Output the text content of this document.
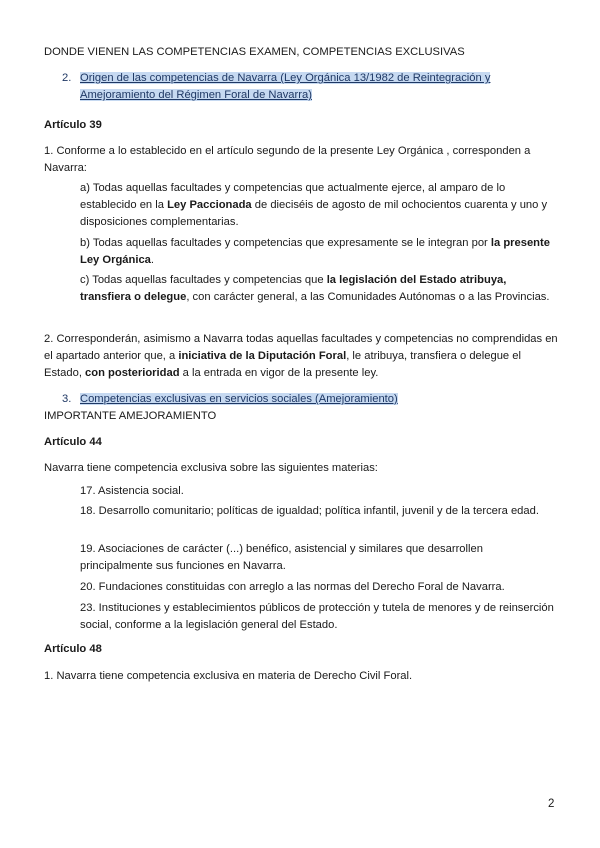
DONDE VIENEN LAS COMPETENCIAS EXAMEN, COMPETENCIAS EXCLUSIVAS

2. Origen de las competencias de Navarra (Ley Orgánica 13/1982 de Reintegración y Amejoramiento del Régimen Foral de Navarra)

Artículo 39

1. Conforme a lo establecido en el artículo segundo de la presente Ley Orgánica , corresponden a Navarra:

a) Todas aquellas facultades y competencias que actualmente ejerce, al amparo de lo establecido en la Ley Paccionada de dieciséis de agosto de mil ochocientos cuarenta y uno y disposiciones complementarias.

b) Todas aquellas facultades y competencias que expresamente se le integran por la presente Ley Orgánica.

c) Todas aquellas facultades y competencias que la legislación del Estado atribuya, transfiera o delegue, con carácter general, a las Comunidades Autónomas o a las Provincias.

2. Corresponderán, asimismo a Navarra todas aquellas facultades y competencias no comprendidas en el apartado anterior que, a iniciativa de la Diputación Foral, le atribuya, transfiera o delegue el Estado, con posterioridad a la entrada en vigor de la presente ley.

3. Competencias exclusivas en servicios sociales (Amejoramiento)

IMPORTANTE AMEJORAMIENTO

Artículo 44

Navarra tiene competencia exclusiva sobre las siguientes materias:

17. Asistencia social.

18. Desarrollo comunitario; políticas de igualdad; política infantil, juvenil y de la tercera edad.

19. Asociaciones de carácter (...) benéfico, asistencial y similares que desarrollen principalmente sus funciones en Navarra.

20. Fundaciones constituidas con arreglo a las normas del Derecho Foral de Navarra.

23. Instituciones y establecimientos públicos de protección y tutela de menores y de reinserción social, conforme a la legislación general del Estado.

Artículo 48

1. Navarra tiene competencia exclusiva en materia de Derecho Civil Foral.

2
